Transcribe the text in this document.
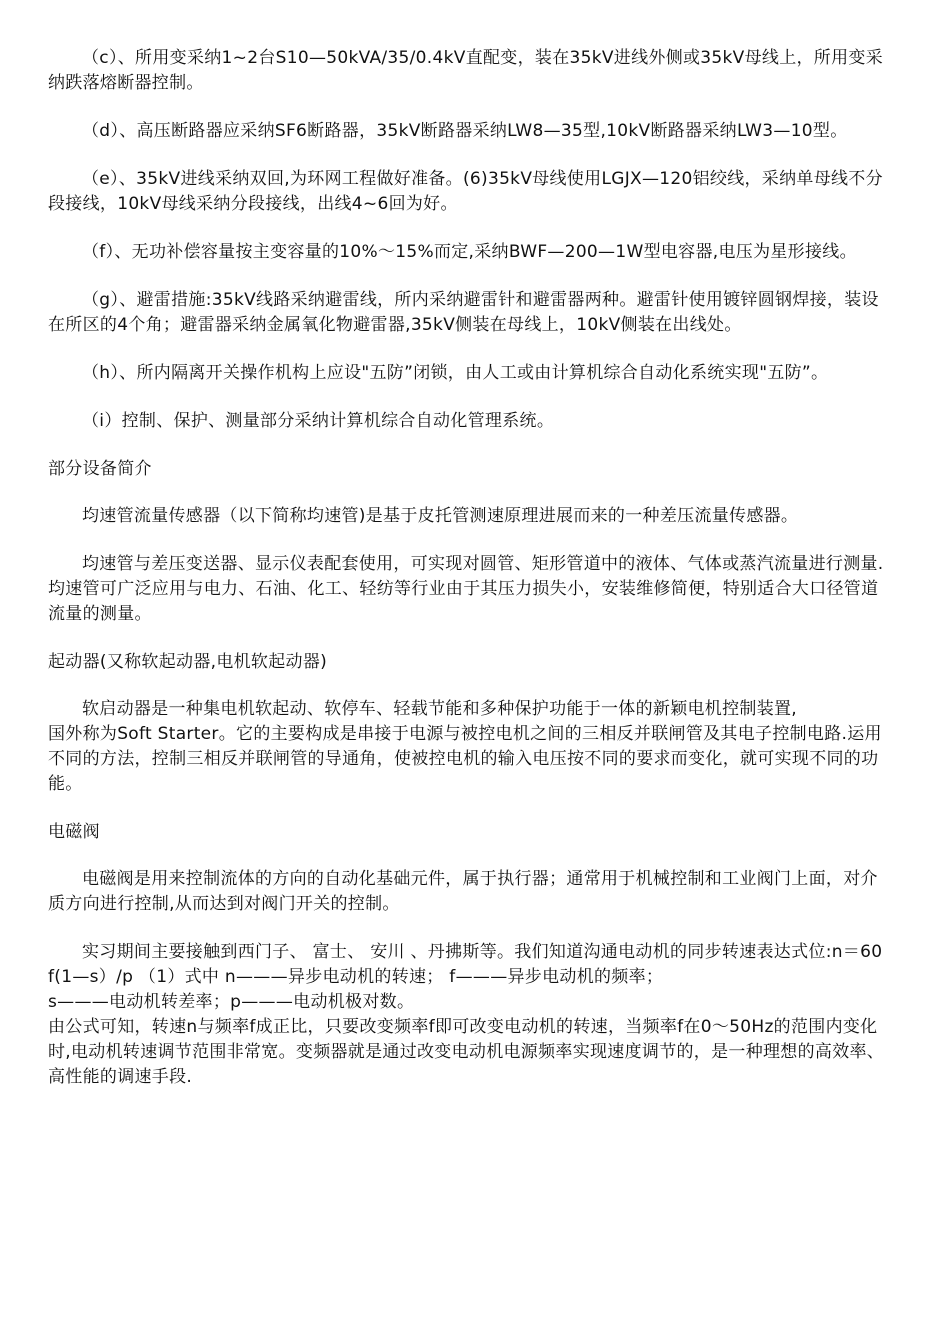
（c）、所用变采纳1~2台S10—50kVA/35/0.4kV直配变，装在35kV进线外侧或35kV母线上，所用变采纳跌落熔断器控制。

（d）、高压断路器应采纳SF6断路器，35kV断路器采纳LW8—35型,10kV断路器采纳LW3—10型。

（e）、35kV进线采纳双回,为环网工程做好准备。(6)35kV母线使用LGJX—120铝绞线，采纳单母线不分段接线，10kV母线采纳分段接线，出线4~6回为好。

（f）、无功补偿容量按主变容量的10%～15%而定,采纳BWF—200—1W型电容器,电压为星形接线。

（g）、避雷措施:35kV线路采纳避雷线，所内采纳避雷针和避雷器两种。避雷针使用镀锌圆钢焊接，装设在所区的4个角；避雷器采纳金属氧化物避雷器,35kV侧装在母线上，10kV侧装在出线处。

（h）、所内隔离开关操作机构上应设"五防”闭锁，由人工或由计算机综合自动化系统实现"五防”。

（i）控制、保护、测量部分采纳计算机综合自动化管理系统。

部分设备简介

均速管流量传感器（以下简称均速管)是基于皮托管测速原理进展而来的一种差压流量传感器。

均速管与差压变送器、显示仪表配套使用，可实现对圆管、矩形管道中的液体、气体或蒸汽流量进行测量.均速管可广泛应用与电力、石油、化工、轻纺等行业由于其压力损失小，安装维修简便，特别适合大口径管道流量的测量。

起动器(又称软起动器,电机软起动器)

软启动器是一种集电机软起动、软停车、轻载节能和多种保护功能于一体的新颖电机控制装置,

国外称为Soft Starter。它的主要构成是串接于电源与被控电机之间的三相反并联闸管及其电子控制电路.运用不同的方法，控制三相反并联闸管的导通角，使被控电机的输入电压按不同的要求而变化，就可实现不同的功能。

电磁阀

电磁阀是用来控制流体的方向的自动化基础元件，属于执行器；通常用于机械控制和工业阀门上面，对介质方向进行控制,从而达到对阀门开关的控制。

实习期间主要接触到西门子、 富士、 安川 、丹拂斯等。我们知道沟通电动机的同步转速表达式位:n＝60 f(1—s）/p （1）式中 n———异步电动机的转速； f———异步电动机的频率；

s———电动机转差率；p———电动机极对数。

由公式可知，转速n与频率f成正比，只要改变频率f即可改变电动机的转速，当频率f在0～50Hz的范围内变化时,电动机转速调节范围非常宽。变频器就是通过改变电动机电源频率实现速度调节的，是一种理想的高效率、高性能的调速手段.
